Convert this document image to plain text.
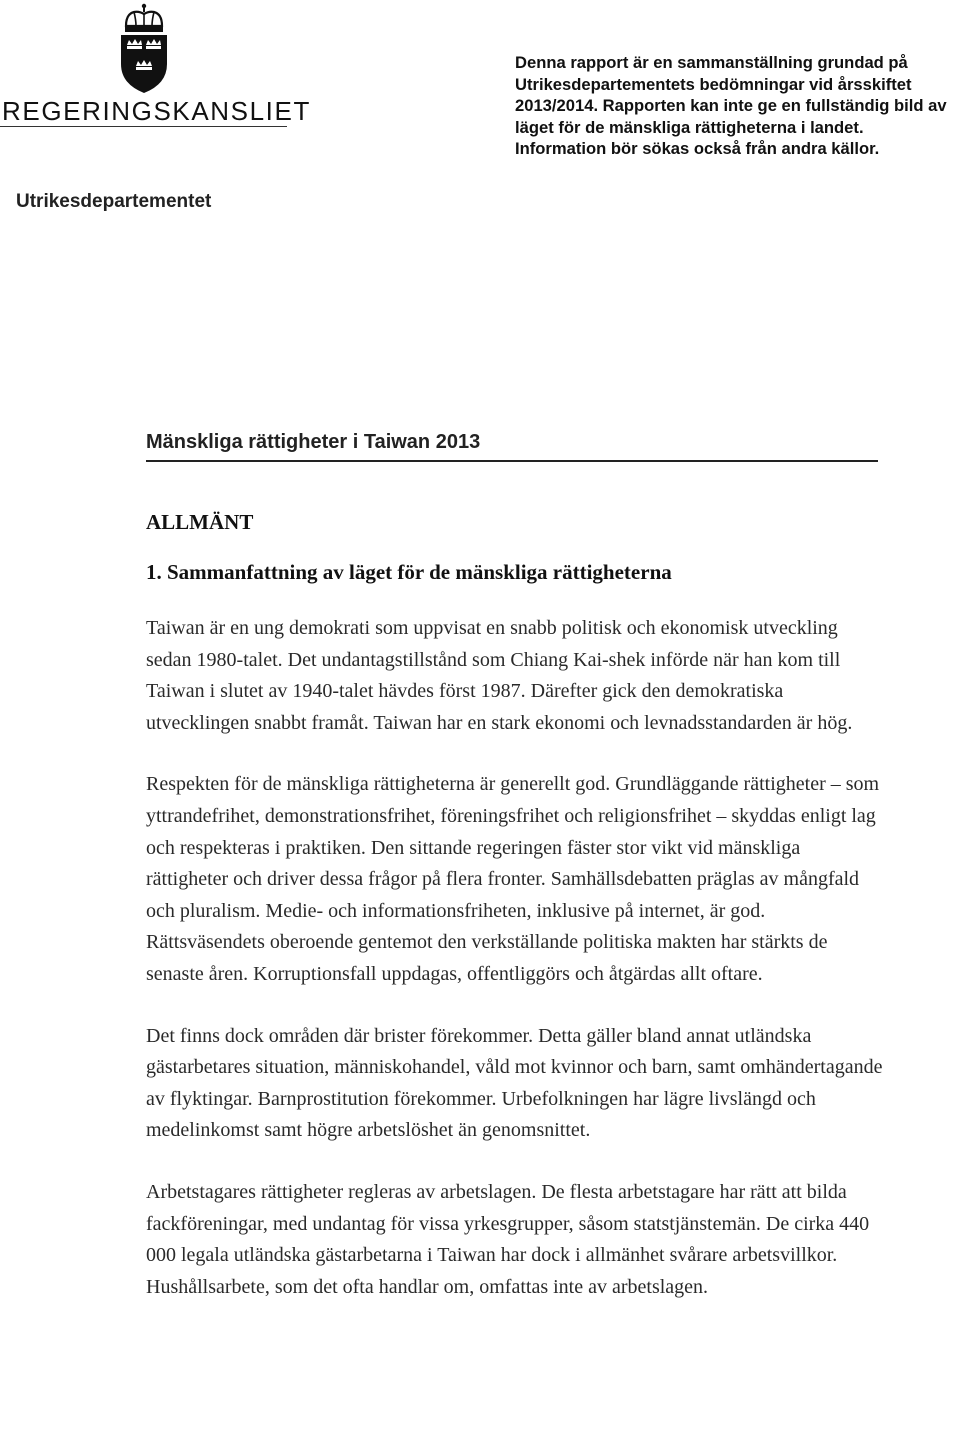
REGERINGSKANSLIET

Denna rapport är en sammanställning grundad på Utrikesdepartementets bedömningar vid årsskiftet 2013/2014. Rapporten kan inte ge en fullständig bild av läget för de mänskliga rättigheterna i landet. Information bör sökas också från andra källor.

Utrikesdepartementet

Mänskliga rättigheter i Taiwan 2013
ALLMÄNT
1. Sammanfattning av läget för de mänskliga rättigheterna

Taiwan är en ung demokrati som uppvisat en snabb politisk och ekonomisk utveckling sedan 1980-talet. Det undantagstillstånd som Chiang Kai-shek införde när han kom till Taiwan i slutet av 1940-talet hävdes först 1987. Därefter gick den demokratiska utvecklingen snabbt framåt. Taiwan har en stark ekonomi och levnadsstandarden är hög.

Respekten för de mänskliga rättigheterna är generellt god. Grundläggande rättigheter – som yttrandefrihet, demonstrationsfrihet, föreningsfrihet och religionsfrihet – skyddas enligt lag och respekteras i praktiken. Den sittande regeringen fäster stor vikt vid mänskliga rättigheter och driver dessa frågor på flera fronter. Samhällsdebatten präglas av mångfald och pluralism. Medie- och informationsfriheten, inklusive på internet, är god. Rättsväsendets oberoende gentemot den verkställande politiska makten har stärkts de senaste åren. Korruptionsfall uppdagas, offentliggörs och åtgärdas allt oftare.

Det finns dock områden där brister förekommer. Detta gäller bland annat utländska gästarbetares situation, människohandel, våld mot kvinnor och barn, samt omhändertagande av flyktingar. Barnprostitution förekommer. Urbefolkningen har lägre livslängd och medelinkomst samt högre arbetslöshet än genomsnittet.

Arbetstagares rättigheter regleras av arbetslagen. De flesta arbetstagare har rätt att bilda fackföreningar, med undantag för vissa yrkesgrupper, såsom statstjänstemän. De cirka 440 000 legala utländska gästarbetarna i Taiwan har dock i allmänhet svårare arbetsvillkor. Hushållsarbete, som det ofta handlar om, omfattas inte av arbetslagen.
